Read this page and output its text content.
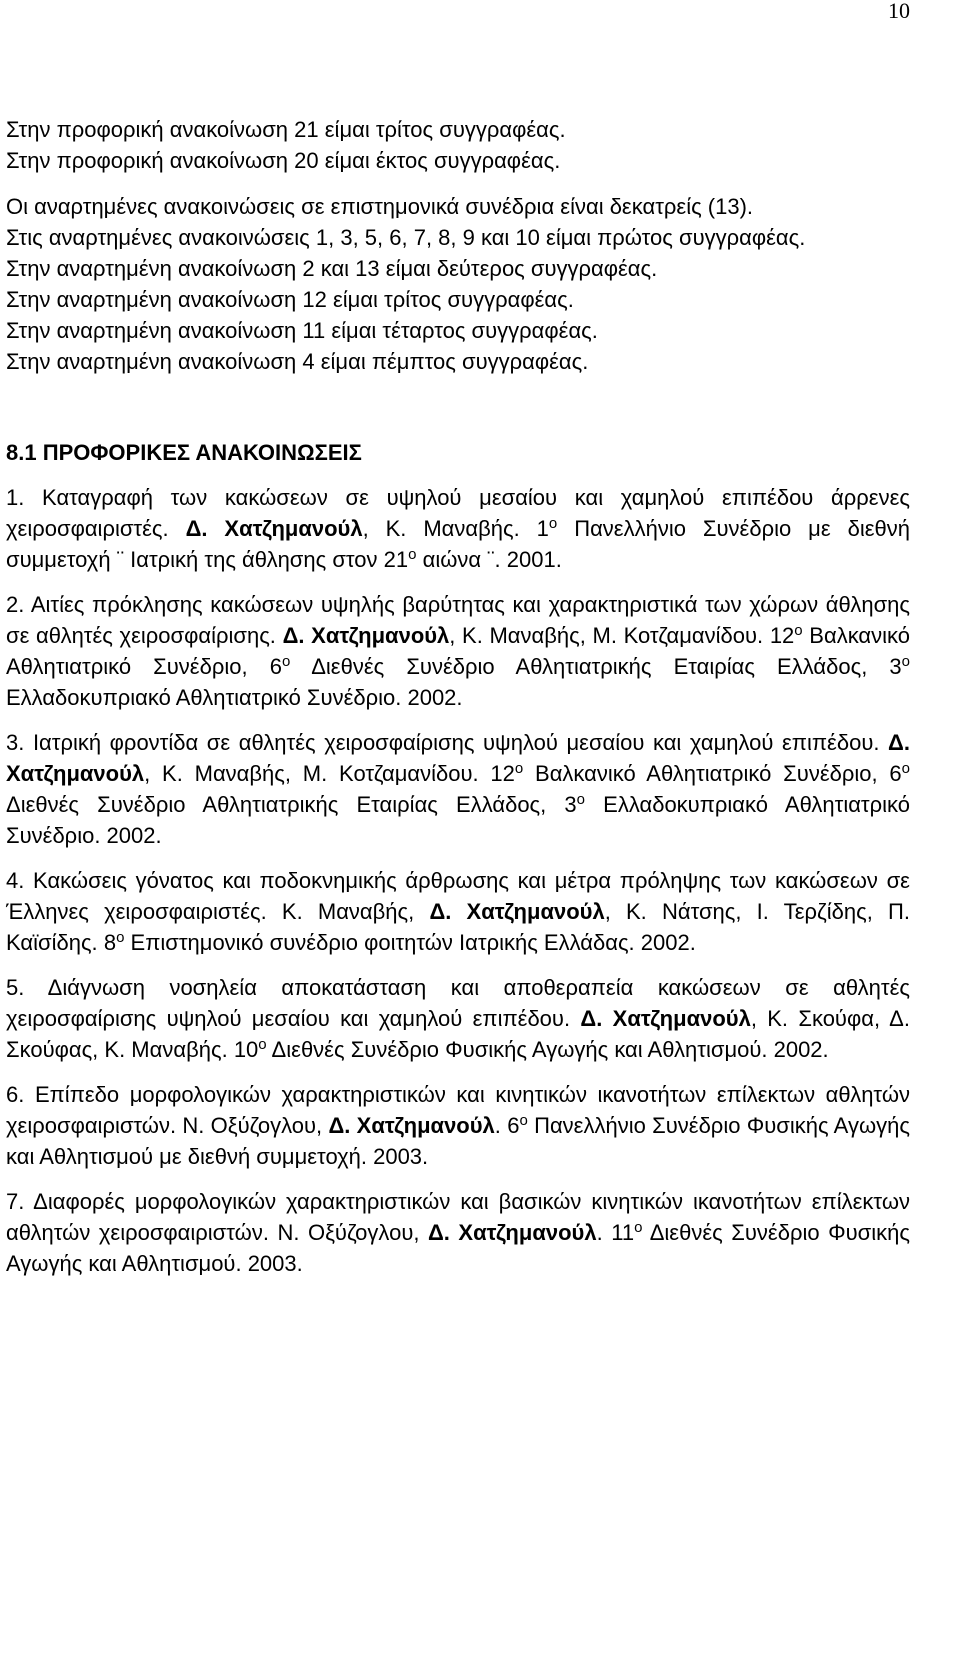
10
Στην προφορική ανακοίνωση 21 είμαι τρίτος συγγραφέας.
Στην προφορική ανακοίνωση 20 είμαι έκτος συγγραφέας.
Οι αναρτημένες ανακοινώσεις σε επιστημονικά συνέδρια είναι δεκατρείς (13).
Στις αναρτημένες ανακοινώσεις 1, 3, 5, 6, 7, 8, 9 και 10 είμαι πρώτος συγγραφέας.
Στην αναρτημένη ανακοίνωση 2 και 13 είμαι δεύτερος συγγραφέας.
Στην αναρτημένη ανακοίνωση 12 είμαι τρίτος συγγραφέας.
Στην αναρτημένη ανακοίνωση 11 είμαι τέταρτος συγγραφέας.
Στην αναρτημένη ανακοίνωση 4 είμαι πέμπτος συγγραφέας.
8.1 ΠΡΟΦΟΡΙΚΕΣ ΑΝΑΚΟΙΝΩΣΕΙΣ

1. Καταγραφή των κακώσεων σε υψηλού μεσαίου και χαμηλού επιπέδου άρρενες χειροσφαιριστές. Δ. Χατζημανούλ, Κ. Μαναβής. $1^o$ Πανελλήνιο Συνέδριο με διεθνή συμμετοχή ¨ Ιατρική της άθλησης στον $21^o$ αιώνα ¨. 2001.

2. Αιτίες πρόκλησης κακώσεων υψηλής βαρύτητας και χαρακτηριστικά των χώρων άθλησης σε αθλητές χειροσφαίρισης. Δ. Χατζημανούλ, Κ. Μαναβής, Μ. Κοτζαμανίδου. $12^o$ Βαλκανικό Αθλητιατρικό Συνέδριο, $6^o$ Διεθνές Συνέδριο Αθλητιατρικής Εταιρίας Ελλάδος, $3^o$ Ελλαδοκυπριακό Αθλητιατρικό Συνέδριο. 2002.

3. Ιατρική φροντίδα σε αθλητές χειροσφαίρισης υψηλού μεσαίου και χαμηλού επιπέδου. Δ. Χατζημανούλ, Κ. Μαναβής, Μ. Κοτζαμανίδου. $12^o$ Βαλκανικό Αθλητιατρικό Συνέδριο, $6^o$ Διεθνές Συνέδριο Αθλητιατρικής Εταιρίας Ελλάδος, $3^o$ Ελλαδοκυπριακό Αθλητιατρικό Συνέδριο. 2002.

4. Κακώσεις γόνατος και ποδοκνημικής άρθρωσης και μέτρα πρόληψης των κακώσεων σε Έλληνες χειροσφαιριστές. Κ. Μαναβής, Δ. Χατζημανούλ, Κ. Νάτσης, Ι. Τερζίδης, Π. Καϊσίδης. $8^o$ Επιστημονικό συνέδριο φοιτητών Ιατρικής Ελλάδας. 2002.

5. Διάγνωση νοσηλεία αποκατάσταση και αποθεραπεία κακώσεων σε αθλητές χειροσφαίρισης υψηλού μεσαίου και χαμηλού επιπέδου. Δ. Χατζημανούλ, Κ. Σκούφα, Δ. Σκούφας, Κ. Μαναβής. $10^o$ Διεθνές Συνέδριο Φυσικής Αγωγής και Αθλητισμού. 2002.

6. Επίπεδο μορφολογικών χαρακτηριστικών και κινητικών ικανοτήτων επίλεκτων αθλητών χειροσφαιριστών. Ν. Οξύζογλου, Δ. Χατζημανούλ. $6^o$ Πανελλήνιο Συνέδριο Φυσικής Αγωγής και Αθλητισμού με διεθνή συμμετοχή. 2003.

7. Διαφορές μορφολογικών χαρακτηριστικών και βασικών κινητικών ικανοτήτων επίλεκτων αθλητών χειροσφαιριστών. Ν. Οξύζογλου, Δ. Χατζημανούλ. $11^o$ Διεθνές Συνέδριο Φυσικής Αγωγής και Αθλητισμού. 2003.
